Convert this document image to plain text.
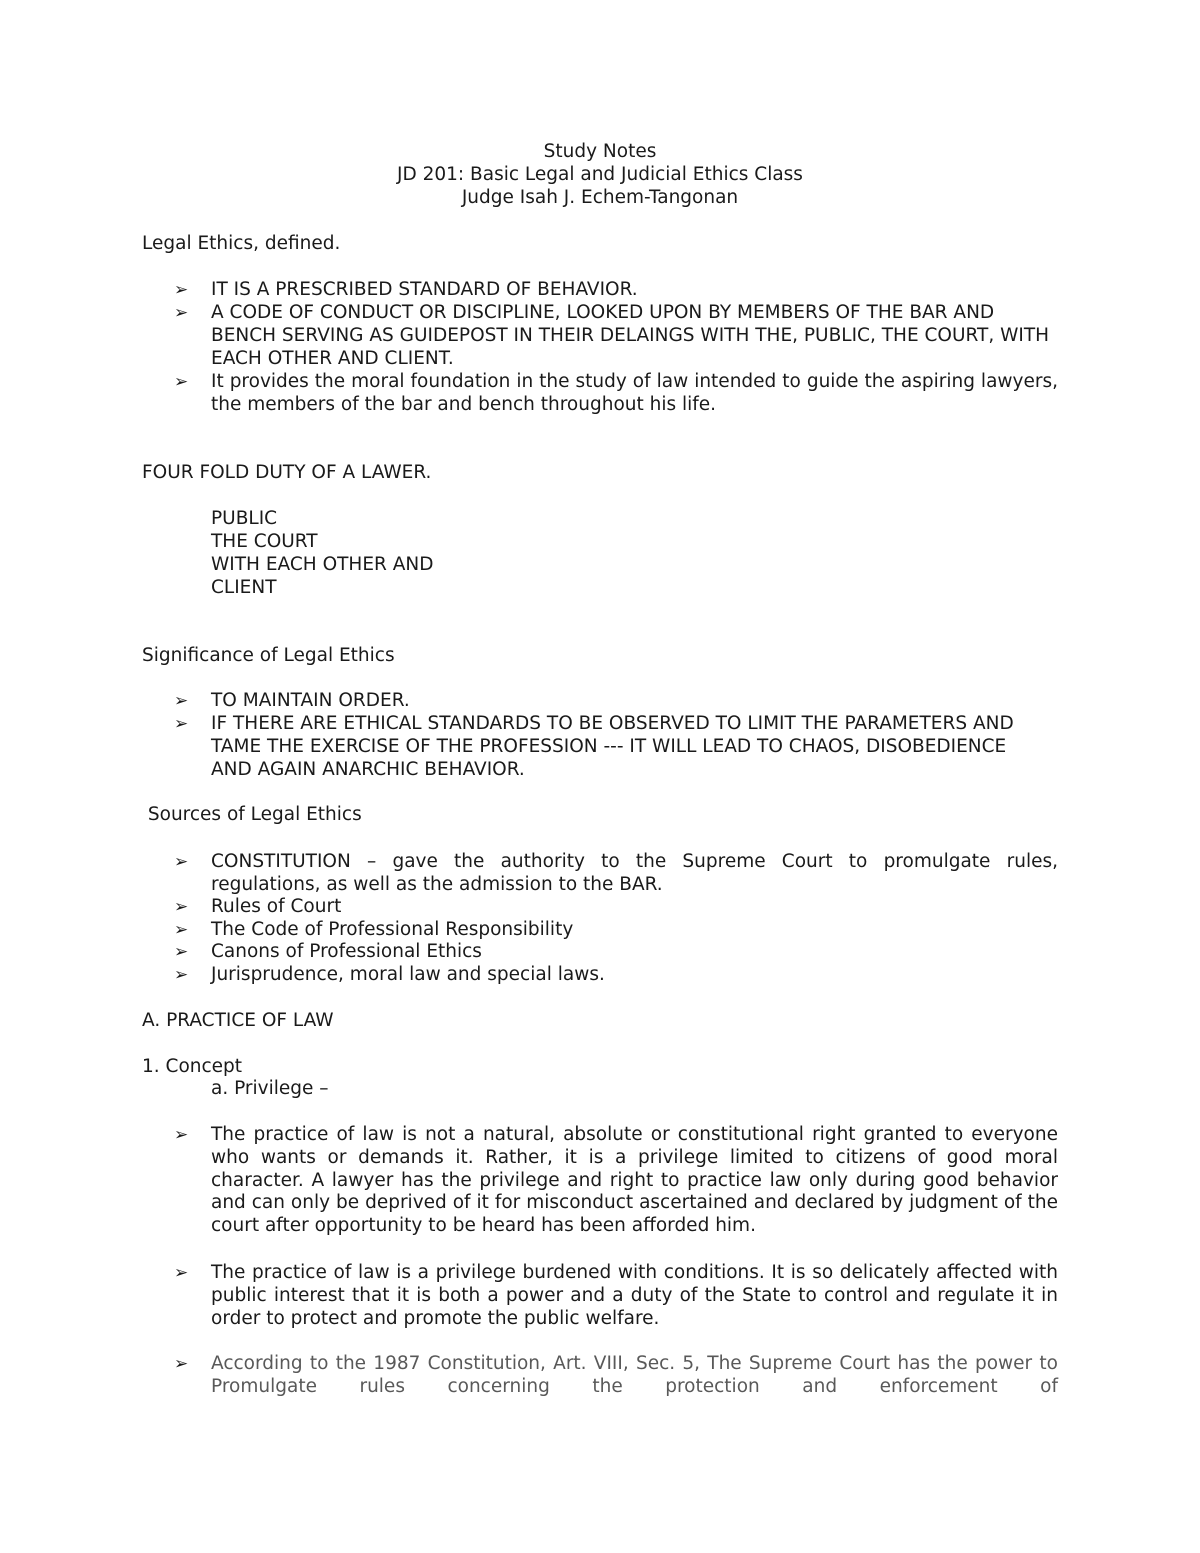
Study Notes
JD 201: Basic Legal and Judicial Ethics Class
Judge Isah J. Echem-Tangonan
Legal Ethics, defined.
➢	IT IS A PRESCRIBED STANDARD OF BEHAVIOR.
➢	A CODE OF CONDUCT OR DISCIPLINE, LOOKED UPON BY MEMBERS OF THE BAR AND BENCH SERVING AS GUIDEPOST IN THEIR DELAINGS WITH THE, PUBLIC, THE COURT, WITH EACH OTHER AND CLIENT.
➢	It provides the moral foundation in the study of law intended to guide the aspiring lawyers, the members of the bar and bench throughout his life.
FOUR FOLD DUTY OF A LAWER.
PUBLIC
THE COURT
WITH EACH OTHER AND
CLIENT
Significance of Legal Ethics
➢	TO MAINTAIN ORDER.
➢	IF THERE ARE ETHICAL STANDARDS TO BE OBSERVED TO LIMIT THE PARAMETERS AND TAME THE EXERCISE OF THE PROFESSION --- IT WILL LEAD TO CHAOS, DISOBEDIENCE AND AGAIN ANARCHIC BEHAVIOR.
Sources of Legal Ethics
➢	CONSTITUTION – gave the authority to the Supreme Court to promulgate rules, regulations, as well as the admission to the BAR.
➢	Rules of Court
➢	The Code of Professional Responsibility
➢	Canons of Professional Ethics
➢	Jurisprudence, moral law and special laws.
A. PRACTICE OF LAW
1. Concept
a. Privilege –
➢	The practice of law is not a natural, absolute or constitutional right granted to everyone who wants or demands it. Rather, it is a privilege limited to citizens of good moral character. A lawyer has the privilege and right to practice law only during good behavior and can only be deprived of it for misconduct ascertained and declared by judgment of the court after opportunity to be heard has been afforded him.
➢	The practice of law is a privilege burdened with conditions. It is so delicately affected with public interest that it is both a power and a duty of the State to control and regulate it in order to protect and promote the public welfare.
➢	According to the 1987 Constitution, Art. VIII, Sec. 5, The Supreme Court has the power to Promulgate rules concerning the protection and enforcement of
